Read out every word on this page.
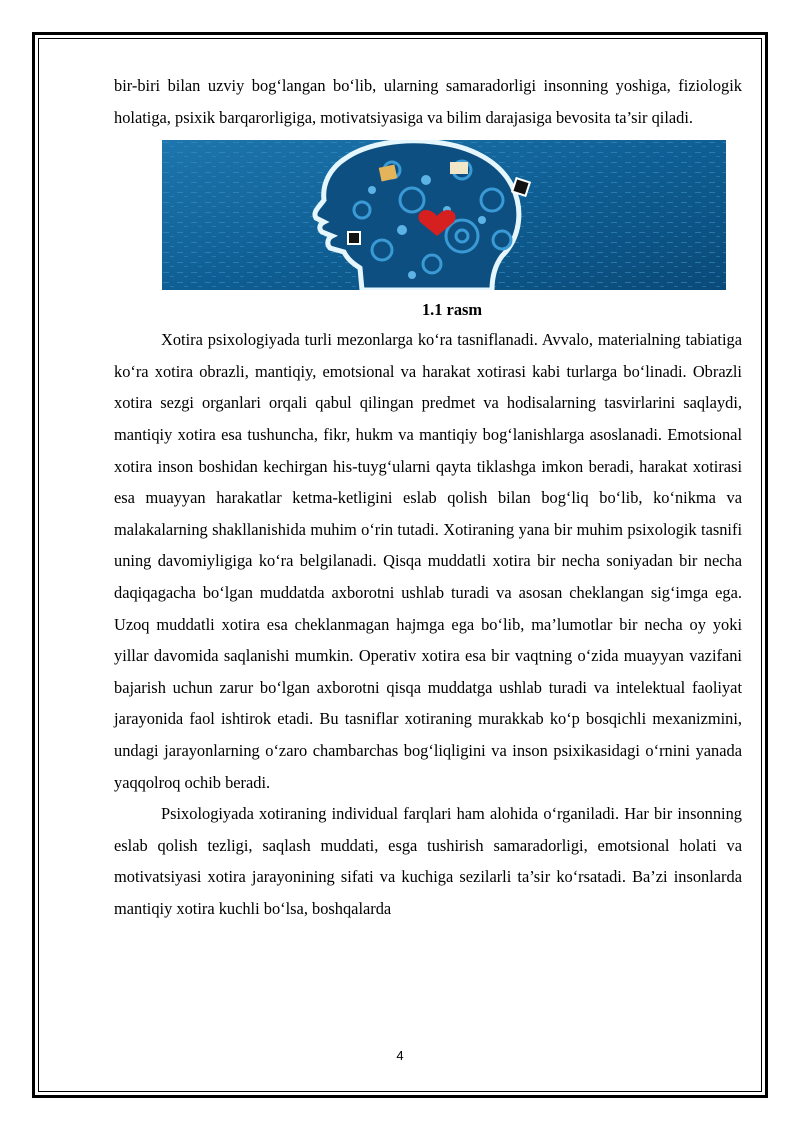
bir-biri bilan uzviy bog‘langan bo‘lib, ularning samaradorligi insonning yoshiga, fiziologik holatiga, psixik barqarorligiga, motivatsiyasiga va bilim darajasiga bevosita ta’sir qiladi.

1.1 rasm

Xotira psixologiyada turli mezonlarga ko‘ra tasniflanadi. Avvalo, materialning tabiatiga ko‘ra xotira obrazli, mantiqiy, emotsional va harakat xotirasi kabi turlarga bo‘linadi. Obrazli xotira sezgi organlari orqali qabul qilingan predmet va hodisalarning tasvirlarini saqlaydi, mantiqiy xotira esa tushuncha, fikr, hukm va mantiqiy bog‘lanishlarga asoslanadi. Emotsional xotira inson boshidan kechirgan his-tuyg‘ularni qayta tiklashga imkon beradi, harakat xotirasi esa muayyan harakatlar ketma-ketligini eslab qolish bilan bog‘liq bo‘lib, ko‘nikma va malakalarning shakllanishida muhim o‘rin tutadi. Xotiraning yana bir muhim psixologik tasnifi uning davomiyligiga ko‘ra belgilanadi. Qisqa muddatli xotira bir necha soniyadan bir necha daqiqagacha bo‘lgan muddatda axborotni ushlab turadi va asosan cheklangan sig‘imga ega. Uzoq muddatli xotira esa cheklanmagan hajmga ega bo‘lib, ma’lumotlar bir necha oy yoki yillar davomida saqlanishi mumkin. Operativ xotira esa bir vaqtning o‘zida muayyan vazifani bajarish uchun zarur bo‘lgan axborotni qisqa muddatga ushlab turadi va intelektual faoliyat jarayonida faol ishtirok etadi. Bu tasniflar xotiraning murakkab ko‘p bosqichli mexanizmini, undagi jarayonlarning o‘zaro chambarchas bog‘liqligini va inson psixikasidagi o‘rnini yanada yaqqolroq ochib beradi.

Psixologiyada xotiraning individual farqlari ham alohida o‘rganiladi. Har bir insonning eslab qolish tezligi, saqlash muddati, esga tushirish samaradorligi, emotsional holati va motivatsiyasi xotira jarayonining sifati va kuchiga sezilarli ta’sir ko‘rsatadi. Ba’zi insonlarda mantiqiy xotira kuchli bo‘lsa, boshqalarda

4
